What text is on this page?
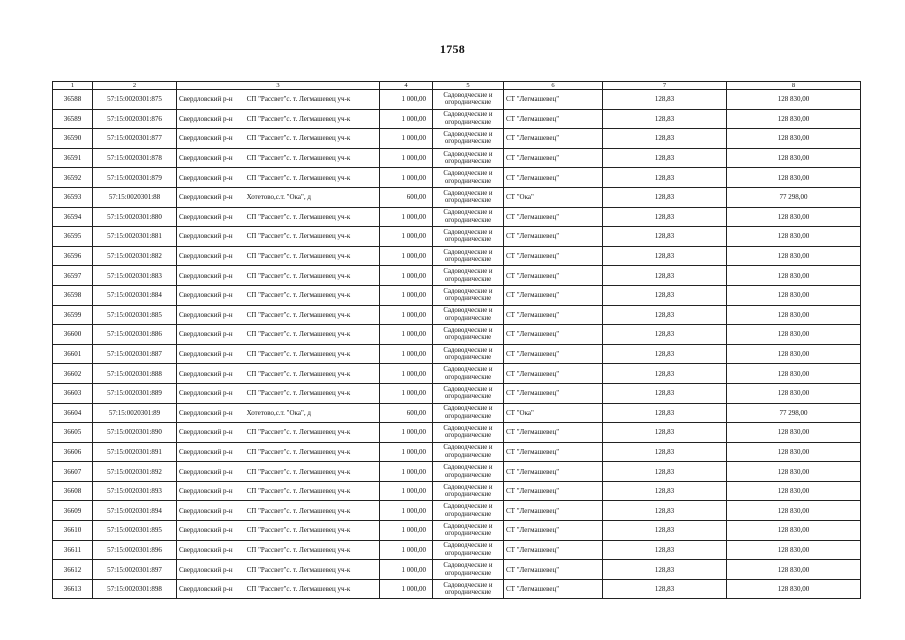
1758
1	2	3	4	5	6	7	8
36588	57:15:0020301:875	Свердловский р-н СП "Рассвет"с. т. Легмашевец уч-к	1 000,00	Садоводческие и огороднические	СТ "Легмашевец"	128,83	128 830,00
36589	57:15:0020301:876	Свердловский р-н СП "Рассвет"с. т. Легмашевец уч-к	1 000,00	Садоводческие и огороднические	СТ "Легмашевец"	128,83	128 830,00
36590	57:15:0020301:877	Свердловский р-н СП "Рассвет"с. т. Легмашевец уч-к	1 000,00	Садоводческие и огороднические	СТ "Легмашевец"	128,83	128 830,00
36591	57:15:0020301:878	Свердловский р-н СП "Рассвет"с. т. Легмашевец уч-к	1 000,00	Садоводческие и огороднические	СТ "Легмашевец"	128,83	128 830,00
36592	57:15:0020301:879	Свердловский р-н СП "Рассвет"с. т. Легмашевец уч-к	1 000,00	Садоводческие и огороднические	СТ "Легмашевец"	128,83	128 830,00
36593	57:15:0020301:88	Свердловский р-н Хотетово,с.т. "Ока", д	600,00	Садоводческие и огороднические	СТ "Ока"	128,83	77 298,00
36594	57:15:0020301:880	Свердловский р-н СП "Рассвет"с. т. Легмашевец уч-к	1 000,00	Садоводческие и огороднические	СТ "Легмашевец"	128,83	128 830,00
36595	57:15:0020301:881	Свердловский р-н СП "Рассвет"с. т. Легмашевец уч-к	1 000,00	Садоводческие и огороднические	СТ "Легмашевец"	128,83	128 830,00
36596	57:15:0020301:882	Свердловский р-н СП "Рассвет"с. т. Легмашевец уч-к	1 000,00	Садоводческие и огороднические	СТ "Легмашевец"	128,83	128 830,00
36597	57:15:0020301:883	Свердловский р-н СП "Рассвет"с. т. Легмашевец уч-к	1 000,00	Садоводческие и огороднические	СТ "Легмашевец"	128,83	128 830,00
36598	57:15:0020301:884	Свердловский р-н СП "Рассвет"с. т. Легмашевец уч-к	1 000,00	Садоводческие и огороднические	СТ "Легмашевец"	128,83	128 830,00
36599	57:15:0020301:885	Свердловский р-н СП "Рассвет"с. т. Легмашевец уч-к	1 000,00	Садоводческие и огороднические	СТ "Легмашевец"	128,83	128 830,00
36600	57:15:0020301:886	Свердловский р-н СП "Рассвет"с. т. Легмашевец уч-к	1 000,00	Садоводческие и огороднические	СТ "Легмашевец"	128,83	128 830,00
36601	57:15:0020301:887	Свердловский р-н СП "Рассвет"с. т. Легмашевец уч-к	1 000,00	Садоводческие и огороднические	СТ "Легмашевец"	128,83	128 830,00
36602	57:15:0020301:888	Свердловский р-н СП "Рассвет"с. т. Легмашевец уч-к	1 000,00	Садоводческие и огороднические	СТ "Легмашевец"	128,83	128 830,00
36603	57:15:0020301:889	Свердловский р-н СП "Рассвет"с. т. Легмашевец уч-к	1 000,00	Садоводческие и огороднические	СТ "Легмашевец"	128,83	128 830,00
36604	57:15:0020301:89	Свердловский р-н Хотетово,с.т. "Ока", д	600,00	Садоводческие и огороднические	СТ "Ока"	128,83	77 298,00
36605	57:15:0020301:890	Свердловский р-н СП "Рассвет"с. т. Легмашевец уч-к	1 000,00	Садоводческие и огороднические	СТ "Легмашевец"	128,83	128 830,00
36606	57:15:0020301:891	Свердловский р-н СП "Рассвет"с. т. Легмашевец уч-к	1 000,00	Садоводческие и огороднические	СТ "Легмашевец"	128,83	128 830,00
36607	57:15:0020301:892	Свердловский р-н СП "Рассвет"с. т. Легмашевец уч-к	1 000,00	Садоводческие и огороднические	СТ "Легмашевец"	128,83	128 830,00
36608	57:15:0020301:893	Свердловский р-н СП "Рассвет"с. т. Легмашевец уч-к	1 000,00	Садоводческие и огороднические	СТ "Легмашевец"	128,83	128 830,00
36609	57:15:0020301:894	Свердловский р-н СП "Рассвет"с. т. Легмашевец уч-к	1 000,00	Садоводческие и огороднические	СТ "Легмашевец"	128,83	128 830,00
36610	57:15:0020301:895	Свердловский р-н СП "Рассвет"с. т. Легмашевец уч-к	1 000,00	Садоводческие и огороднические	СТ "Легмашевец"	128,83	128 830,00
36611	57:15:0020301:896	Свердловский р-н СП "Рассвет"с. т. Легмашевец уч-к	1 000,00	Садоводческие и огороднические	СТ "Легмашевец"	128,83	128 830,00
36612	57:15:0020301:897	Свердловский р-н СП "Рассвет"с. т. Легмашевец уч-к	1 000,00	Садоводческие и огороднические	СТ "Легмашевец"	128,83	128 830,00
36613	57:15:0020301:898	Свердловский р-н СП "Рассвет"с. т. Легмашевец уч-к	1 000,00	Садоводческие и огороднические	СТ "Легмашевец"	128,83	128 830,00
